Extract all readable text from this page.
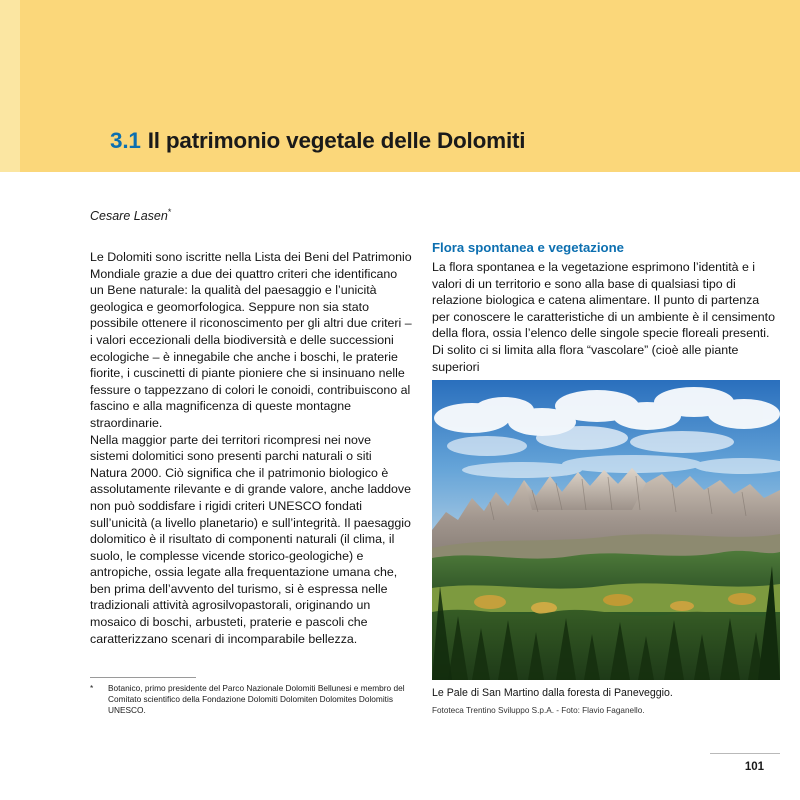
3.1 Il patrimonio vegetale delle Dolomiti
Cesare Lasen*

Le Dolomiti sono iscritte nella Lista dei Beni del Patrimonio Mondiale grazie a due dei quattro criteri che identificano un Bene naturale: la qualità del paesaggio e l’unicità geologica e geomorfologica. Seppure non sia stato possibile ottenere il riconoscimento per gli altri due criteri – i valori eccezionali della biodiversità e delle successioni ecologiche – è innegabile che anche i boschi, le praterie fiorite, i cuscinetti di piante pioniere che si insinuano nelle fessure o tappezzano di colori le conoidi, contribuiscono al fascino e alla magnificenza di queste montagne straordinarie.

Nella maggior parte dei territori ricompresi nei nove sistemi dolomitici sono presenti parchi naturali o siti Natura 2000. Ciò significa che il patrimonio biologico è assolutamente rilevante e di grande valore, anche laddove non può soddisfare i rigidi criteri UNESCO fondati sull’unicità (a livello planetario) e sull’integrità. Il paesaggio dolomitico è il risultato di componenti naturali (il clima, il suolo, le complesse vicende storico-geologiche) e antropiche, ossia legate alla frequentazione umana che, ben prima dell’avvento del turismo, si è espressa nelle tradizionali attività agrosilvopastorali, originando un mosaico di boschi, arbusteti, praterie e pascoli che caratterizzano scenari di incomparabile bellezza.

Flora spontanea e vegetazione

La flora spontanea e la vegetazione esprimono l’identità e i valori di un territorio e sono alla base di qualsiasi tipo di relazione biologica e catena alimentare. Il punto di partenza per conoscere le caratteristiche di un ambiente è il censimento della flora, ossia l’elenco delle singole specie floreali presenti. Di solito ci si limita alla flora “vascolare” (cioè alle piante superiori

Le Pale di San Martino dalla foresta di Paneveggio.
Fototeca Trentino Sviluppo S.p.A. - Foto: Flavio Faganello.
* Botanico, primo presidente del Parco Nazionale Dolomiti Bellunesi e membro del Comitato scientifico della Fondazione Dolomiti Dolomiten Dolomites Dolomitis UNESCO.
101
